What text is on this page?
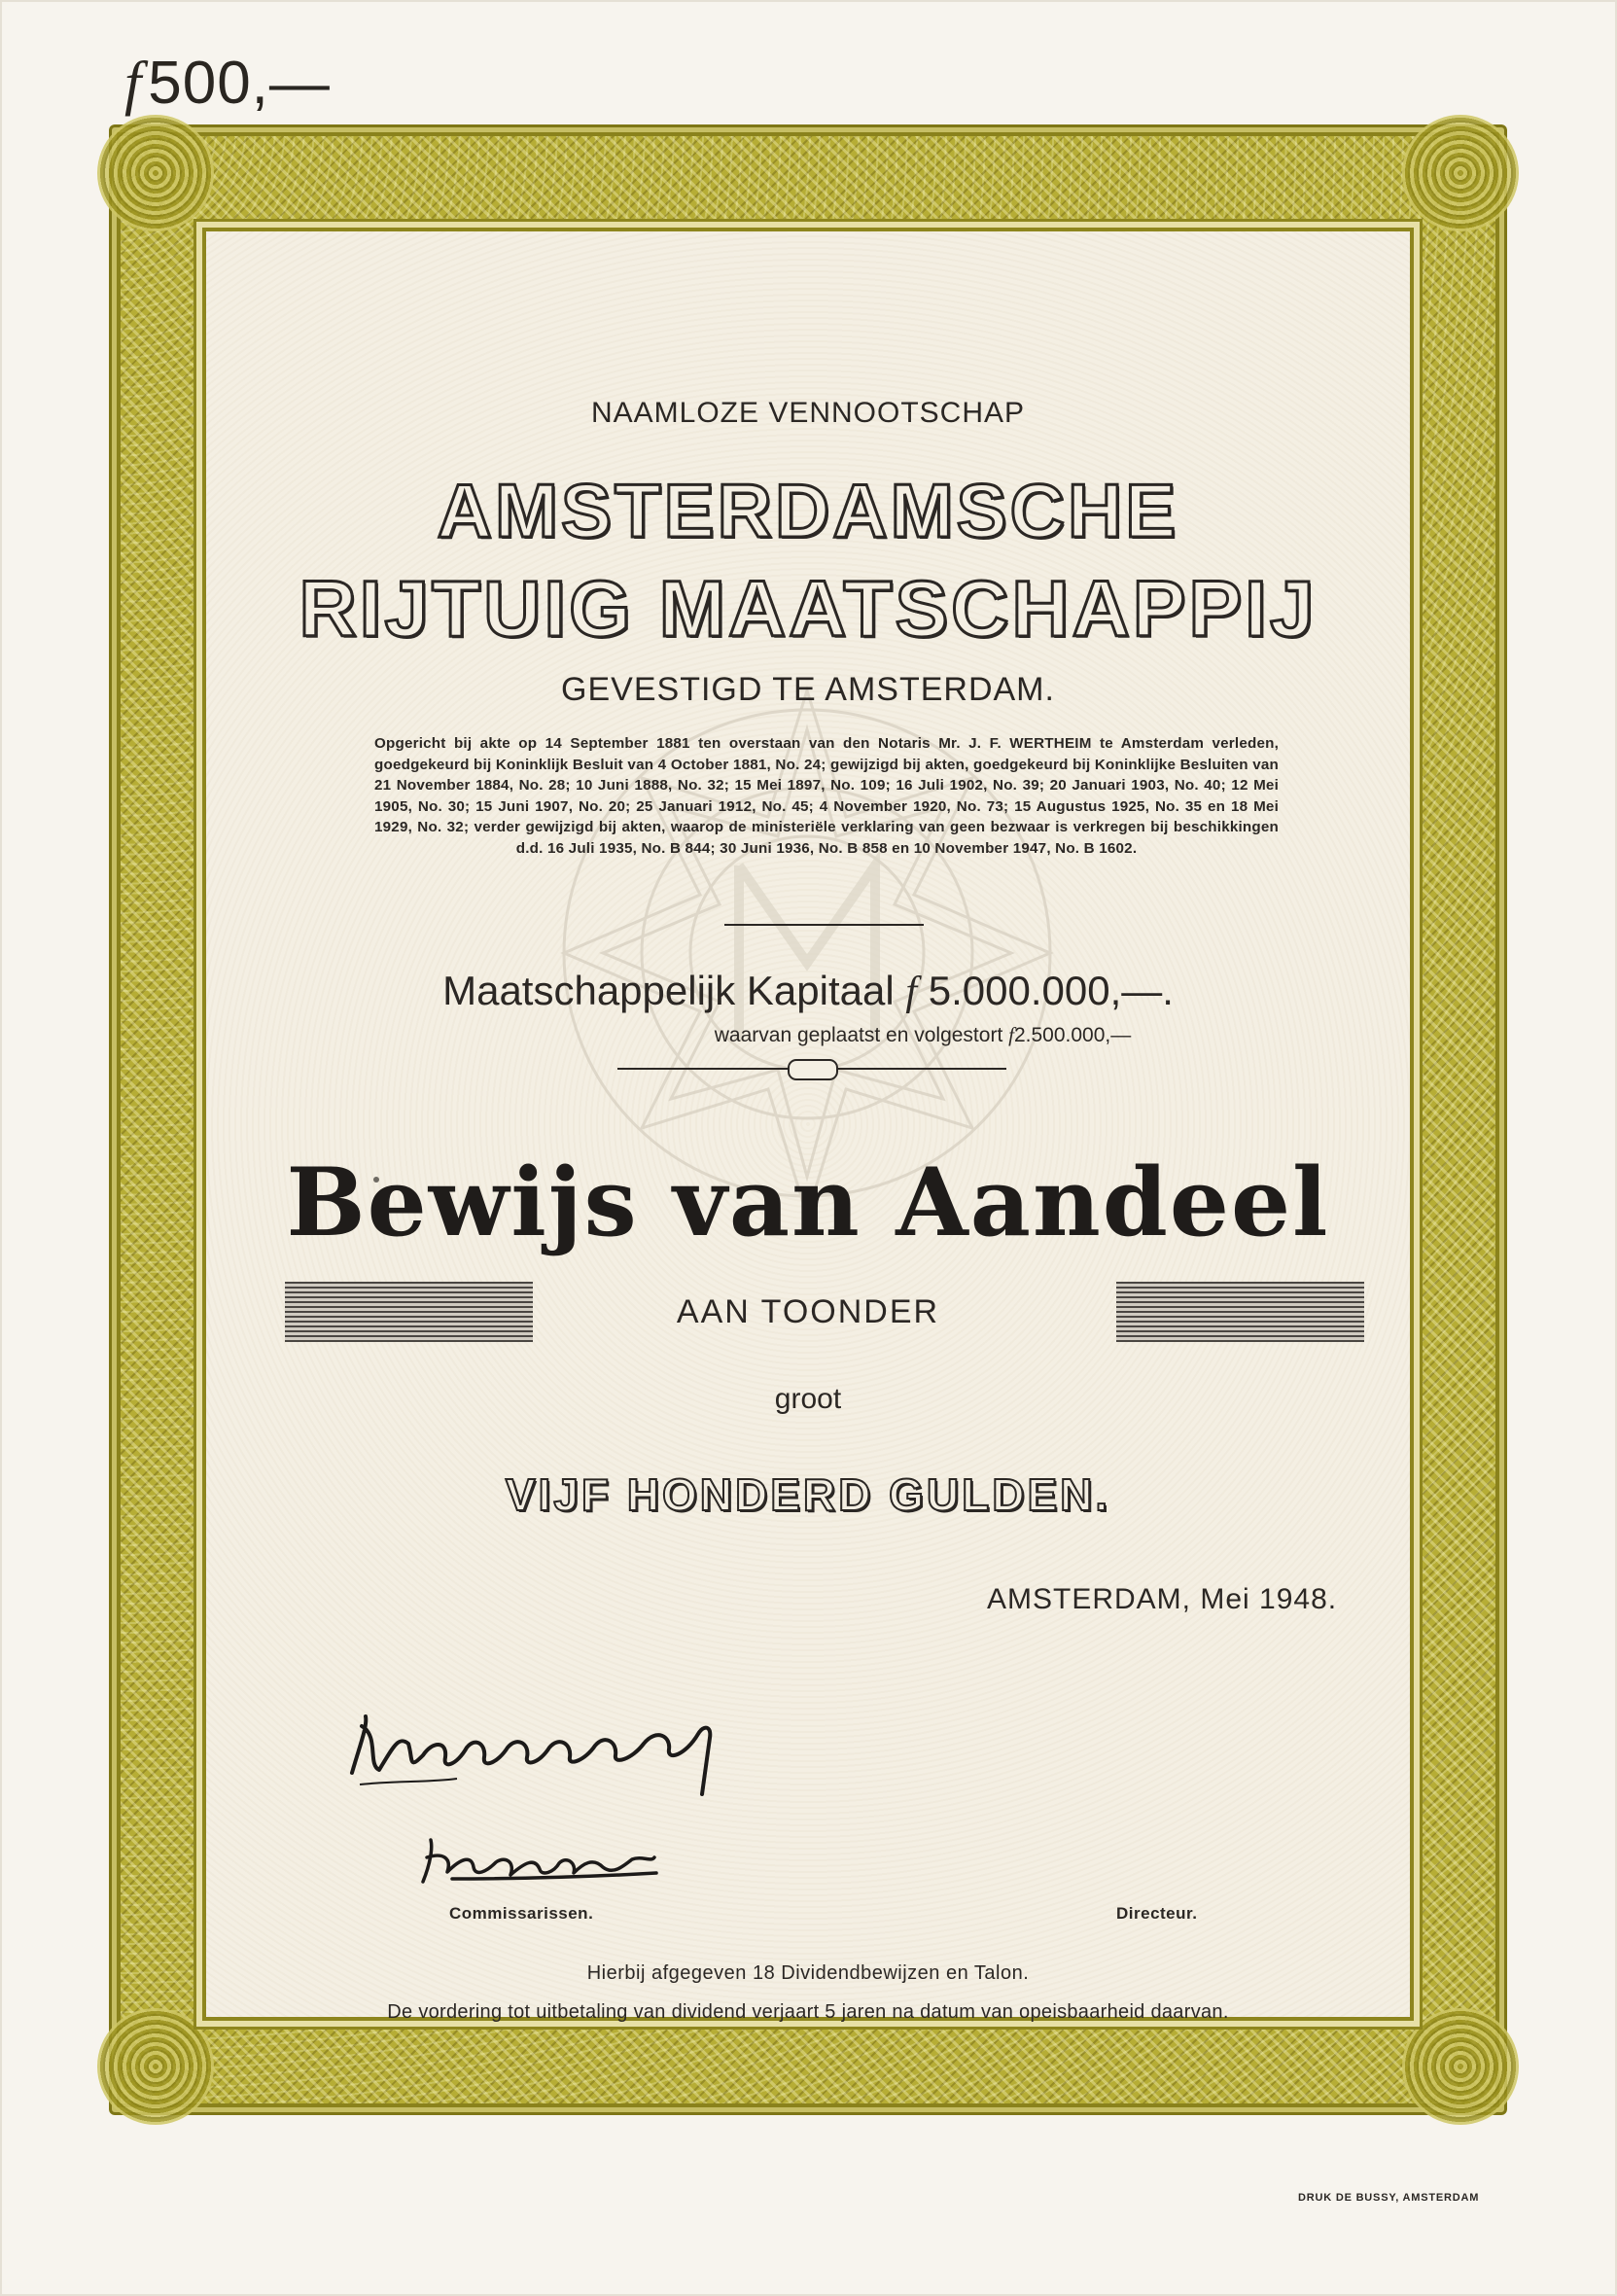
f500,—
NAAMLOZE VENNOOTSCHAP
AMSTERDAMSCHE
RIJTUIG MAATSCHAPPIJ
GEVESTIGD TE AMSTERDAM.
Opgericht bij akte op 14 September 1881 ten overstaan van den Notaris Mr. J. F. WERTHEIM te Amsterdam verleden, goedgekeurd bij Koninklijk Besluit van 4 October 1881, No. 24; gewijzigd bij akten, goedgekeurd bij Koninklijke Besluiten van 21 November 1884, No. 28; 10 Juni 1888, No. 32; 15 Mei 1897, No. 109; 16 Juli 1902, No. 39; 20 Januari 1903, No. 40; 12 Mei 1905, No. 30; 15 Juni 1907, No. 20; 25 Januari 1912, No. 45; 4 November 1920, No. 73; 15 Augustus 1925, No. 35 en 18 Mei 1929, No. 32; verder gewijzigd bij akten, waarop de ministeriële verklaring van geen bezwaar is verkregen bij beschikkingen d.d. 16 Juli 1935, No. B 844; 30 Juni 1936, No. B 858 en 10 November 1947, No. B 1602.
Maatschappelijk Kapitaal f 5.000.000,—.
waarvan geplaatst en volgestort f2.500.000,—
Bewijs van Aandeel
AAN TOONDER
groot
VIJF HONDERD GULDEN.
AMSTERDAM, Mei 1948.
Commissarissen.	Directeur.
Hierbij afgegeven 18 Dividendbewijzen en Talon.
De vordering tot uitbetaling van dividend verjaart 5 jaren na datum van opeisbaarheid daarvan.
DRUK DE BUSSY, AMSTERDAM
